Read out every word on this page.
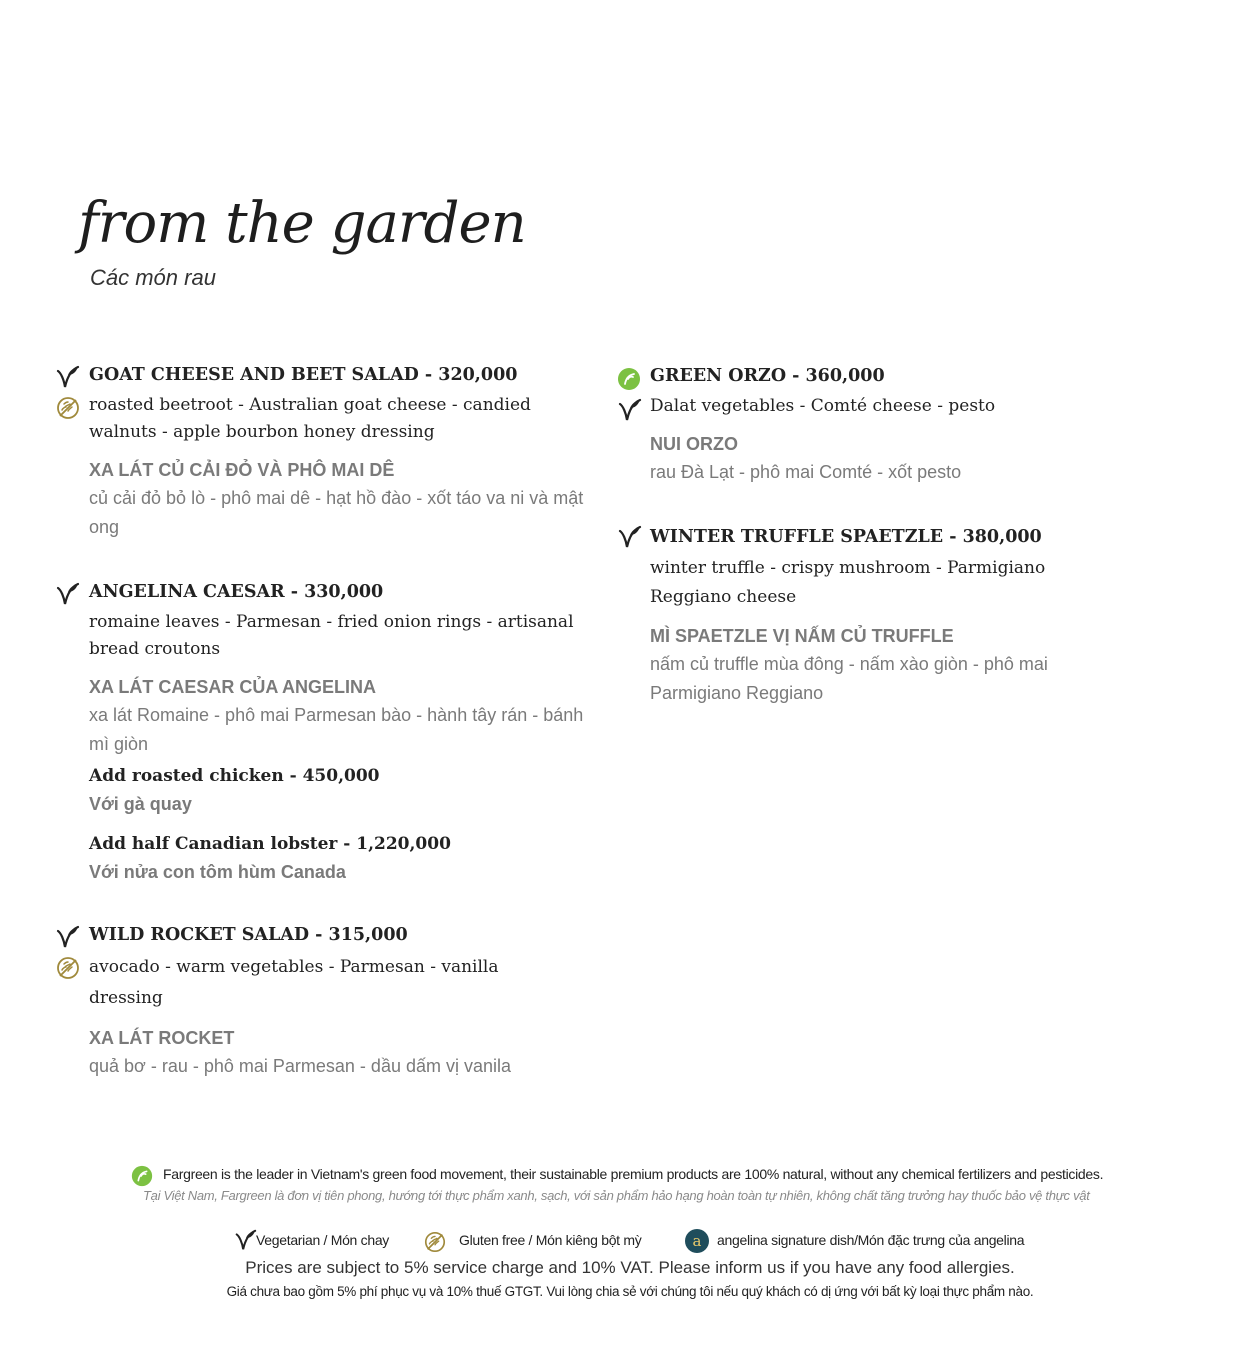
from the garden
Các món rau

GOAT CHEESE AND BEET SALAD - 320,000

roasted beetroot - Australian goat cheese - candied walnuts - apple bourbon honey dressing

XA LÁT CỦ CẢI ĐỎ VÀ PHÔ MAI DÊ

củ cải đỏ bỏ lò - phô mai dê - hạt hồ đào - xốt táo va ni và mật ong

ANGELINA CAESAR - 330,000

romaine leaves - Parmesan - fried onion rings - artisanal bread croutons

XA LÁT CAESAR CỦA ANGELINA

xa lát Romaine - phô mai Parmesan bào - hành tây rán - bánh mì giòn

Add roasted chicken - 450,000

Với gà quay

Add half Canadian lobster - 1,220,000

Với nửa con tôm hùm Canada

WILD ROCKET SALAD - 315,000

avocado - warm vegetables - Parmesan - vanilla dressing

XA LÁT ROCKET

quả bơ - rau - phô mai Parmesan - dầu dấm vị vanila

GREEN ORZO - 360,000

Dalat vegetables - Comté cheese - pesto

NUI ORZO

rau Đà Lạt - phô mai Comté - xốt pesto

WINTER TRUFFLE SPAETZLE - 380,000

winter truffle - crispy mushroom - Parmigiano Reggiano cheese

MÌ SPAETZLE VỊ NẤM CỦ TRUFFLE

nấm củ truffle mùa đông - nấm xào giòn - phô mai Parmigiano Reggiano

Fargreen is the leader in Vietnam's green food movement, their sustainable premium products are 100% natural, without any chemical fertilizers and pesticides.
Tại Việt Nam, Fargreen là đơn vị tiên phong, hướng tới thực phẩm xanh, sạch, với sản phẩm hảo hạng hoàn toàn tự nhiên, không chất tăng trưởng hay thuốc bảo vệ thực vật
Vegetarian / Món chay	Gluten free / Món kiêng bột mỳ	a angelina signature dish/Món đặc trưng của angelina
Prices are subject to 5% service charge and 10% VAT. Please inform us if you have any food allergies.
Giá chưa bao gồm 5% phí phục vụ và 10% thuế GTGT. Vui lòng chia sẻ với chúng tôi nếu quý khách có dị ứng với bất kỳ loại thực phẩm nào.
